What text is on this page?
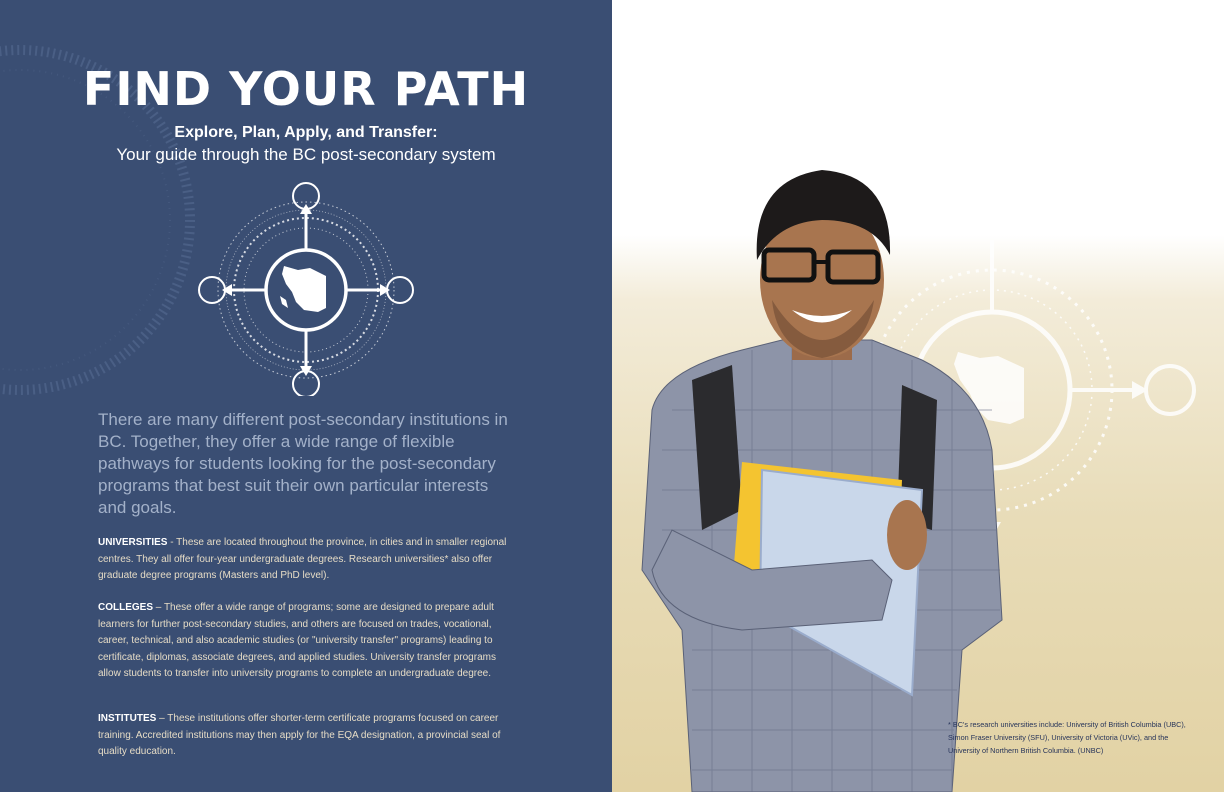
FIND YOUR PATH
Explore, Plan, Apply, and Transfer:
Your guide through the BC post-secondary system
There are many different post-secondary institutions in BC. Together, they offer a wide range of flexible pathways for students looking for the post-secondary programs that best suit their own particular interests and goals.
UNIVERSITIES - These are located throughout the province, in cities and in smaller regional centres. They all offer four-year undergraduate degrees. Research universities* also offer graduate degree programs (Masters and PhD level).
COLLEGES – These offer a wide range of programs; some are designed to prepare adult learners for further post-secondary studies, and others are focused on trades, vocational, career, technical, and also academic studies (or "university transfer" programs) leading to certificate, diplomas, associate degrees, and applied studies. University transfer programs allow students to transfer into university programs to complete an undergraduate degree.
INSTITUTES – These institutions offer shorter-term certificate programs focused on career training. Accredited institutions may then apply for the EQA designation, a provincial seal of quality education.
* BC's research universities include: University of British Columbia (UBC), Simon Fraser University (SFU), University of Victoria (UVic), and the University of Northern British Columbia. (UNBC)
